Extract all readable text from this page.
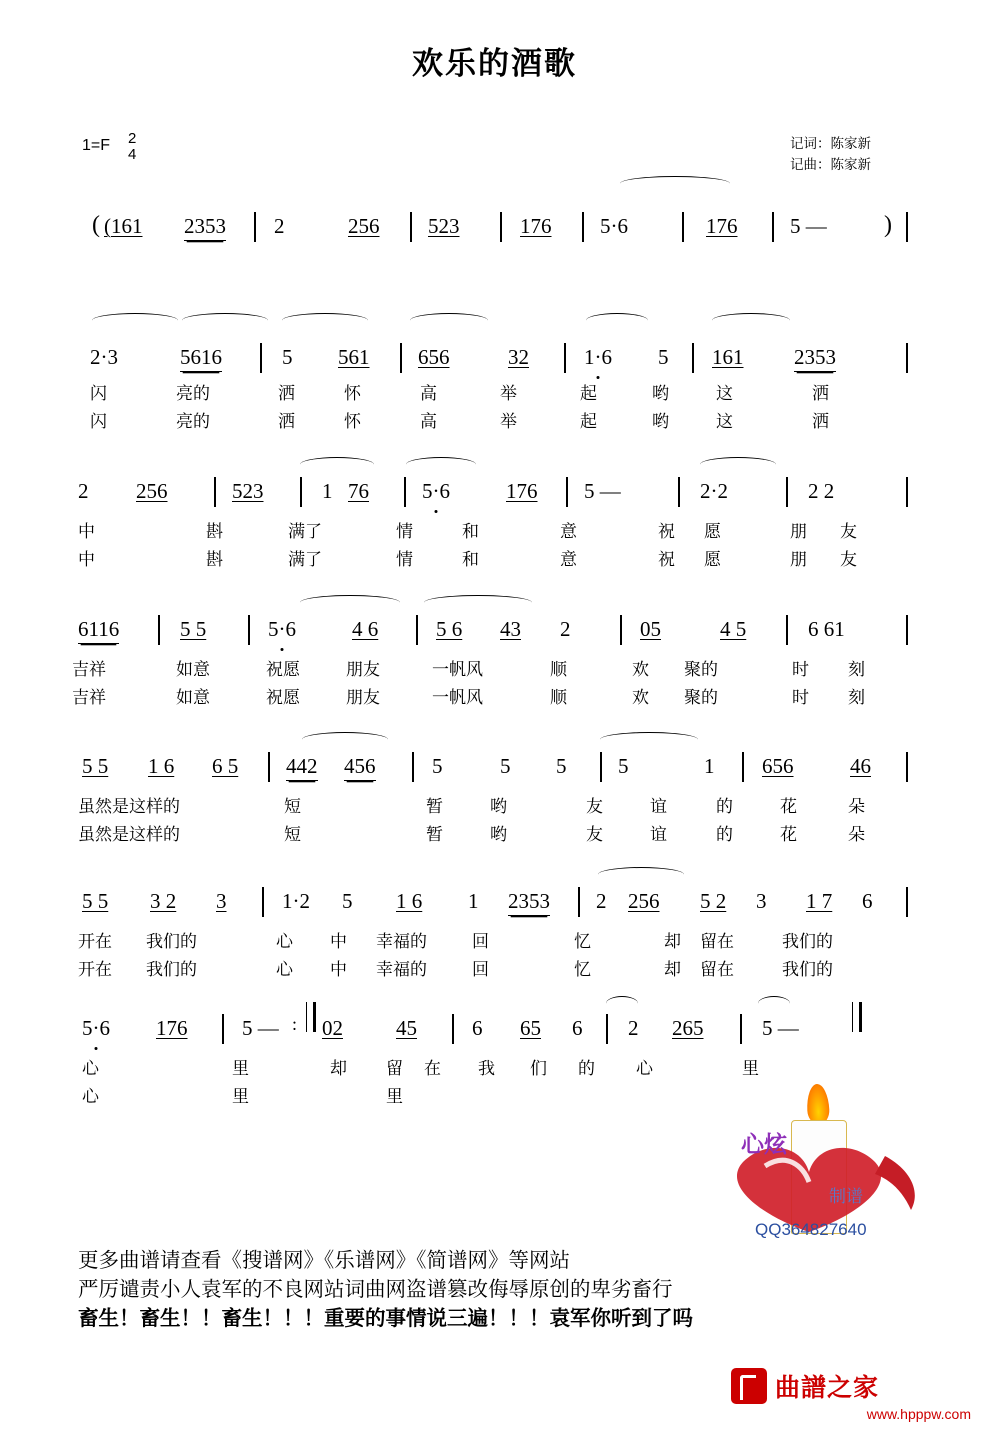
欢乐的酒歌
1=F 2
4
记词：陈家新
记曲：陈家新
( (161 2353 2	256 523	176 5·6	176	5 — )
2·3	5616	5 561 656	32	1·6 5 161 2353
闪	亮的	洒	怀	高	举	起	哟	这	洒
闪	亮的	洒	怀	高	举	起	哟	这	洒
2 256	523	1 76	5·6	176 5 —	2·2	2 2
中	斟	满了	情	和	意	祝 愿	朋 友
中	斟	满了	情	和	意	祝 愿	朋 友
6116	5 5	5·6	4 6	5 6 43 2	05	4 5	6 61
吉祥	如意	祝愿	朋友	一帆风	顺	欢 聚的	时 刻
吉祥	如意	祝愿	朋友	一帆风	顺	欢 聚的	时 刻
5 5 1 6 6 5 442 456	5	5 5 5	1 656	46
虽然是这样的	短	暂	哟	友	谊	的	花	朵
虽然是这样的	短	暂	哟	友	谊	的	花	朵
5 5 3 2 3	1·2 5 1 6 1 2353 2 256 5 2 3 1 7 6
开在 我们的	心 中 幸福的	回	忆	却 留在	我们的
开在 我们的	心 中 幸福的	回	忆	却 留在	我们的
5·6 176	5 — : 02	45	6 65 6 2 265	5 —
心	里	却 留 在 我 们 的 心	里
心	里	里
心炫
制谱
QQ364827640
更多曲谱请查看《搜谱网》《乐谱网》《简谱网》等网站
严厉谴责小人袁军的不良网站词曲网盗谱篡改侮辱原创的卑劣畜行
畜生！畜生！！畜生！！！重要的事情说三遍！！！袁军你听到了吗
曲譜之家
www.hpppw.com
